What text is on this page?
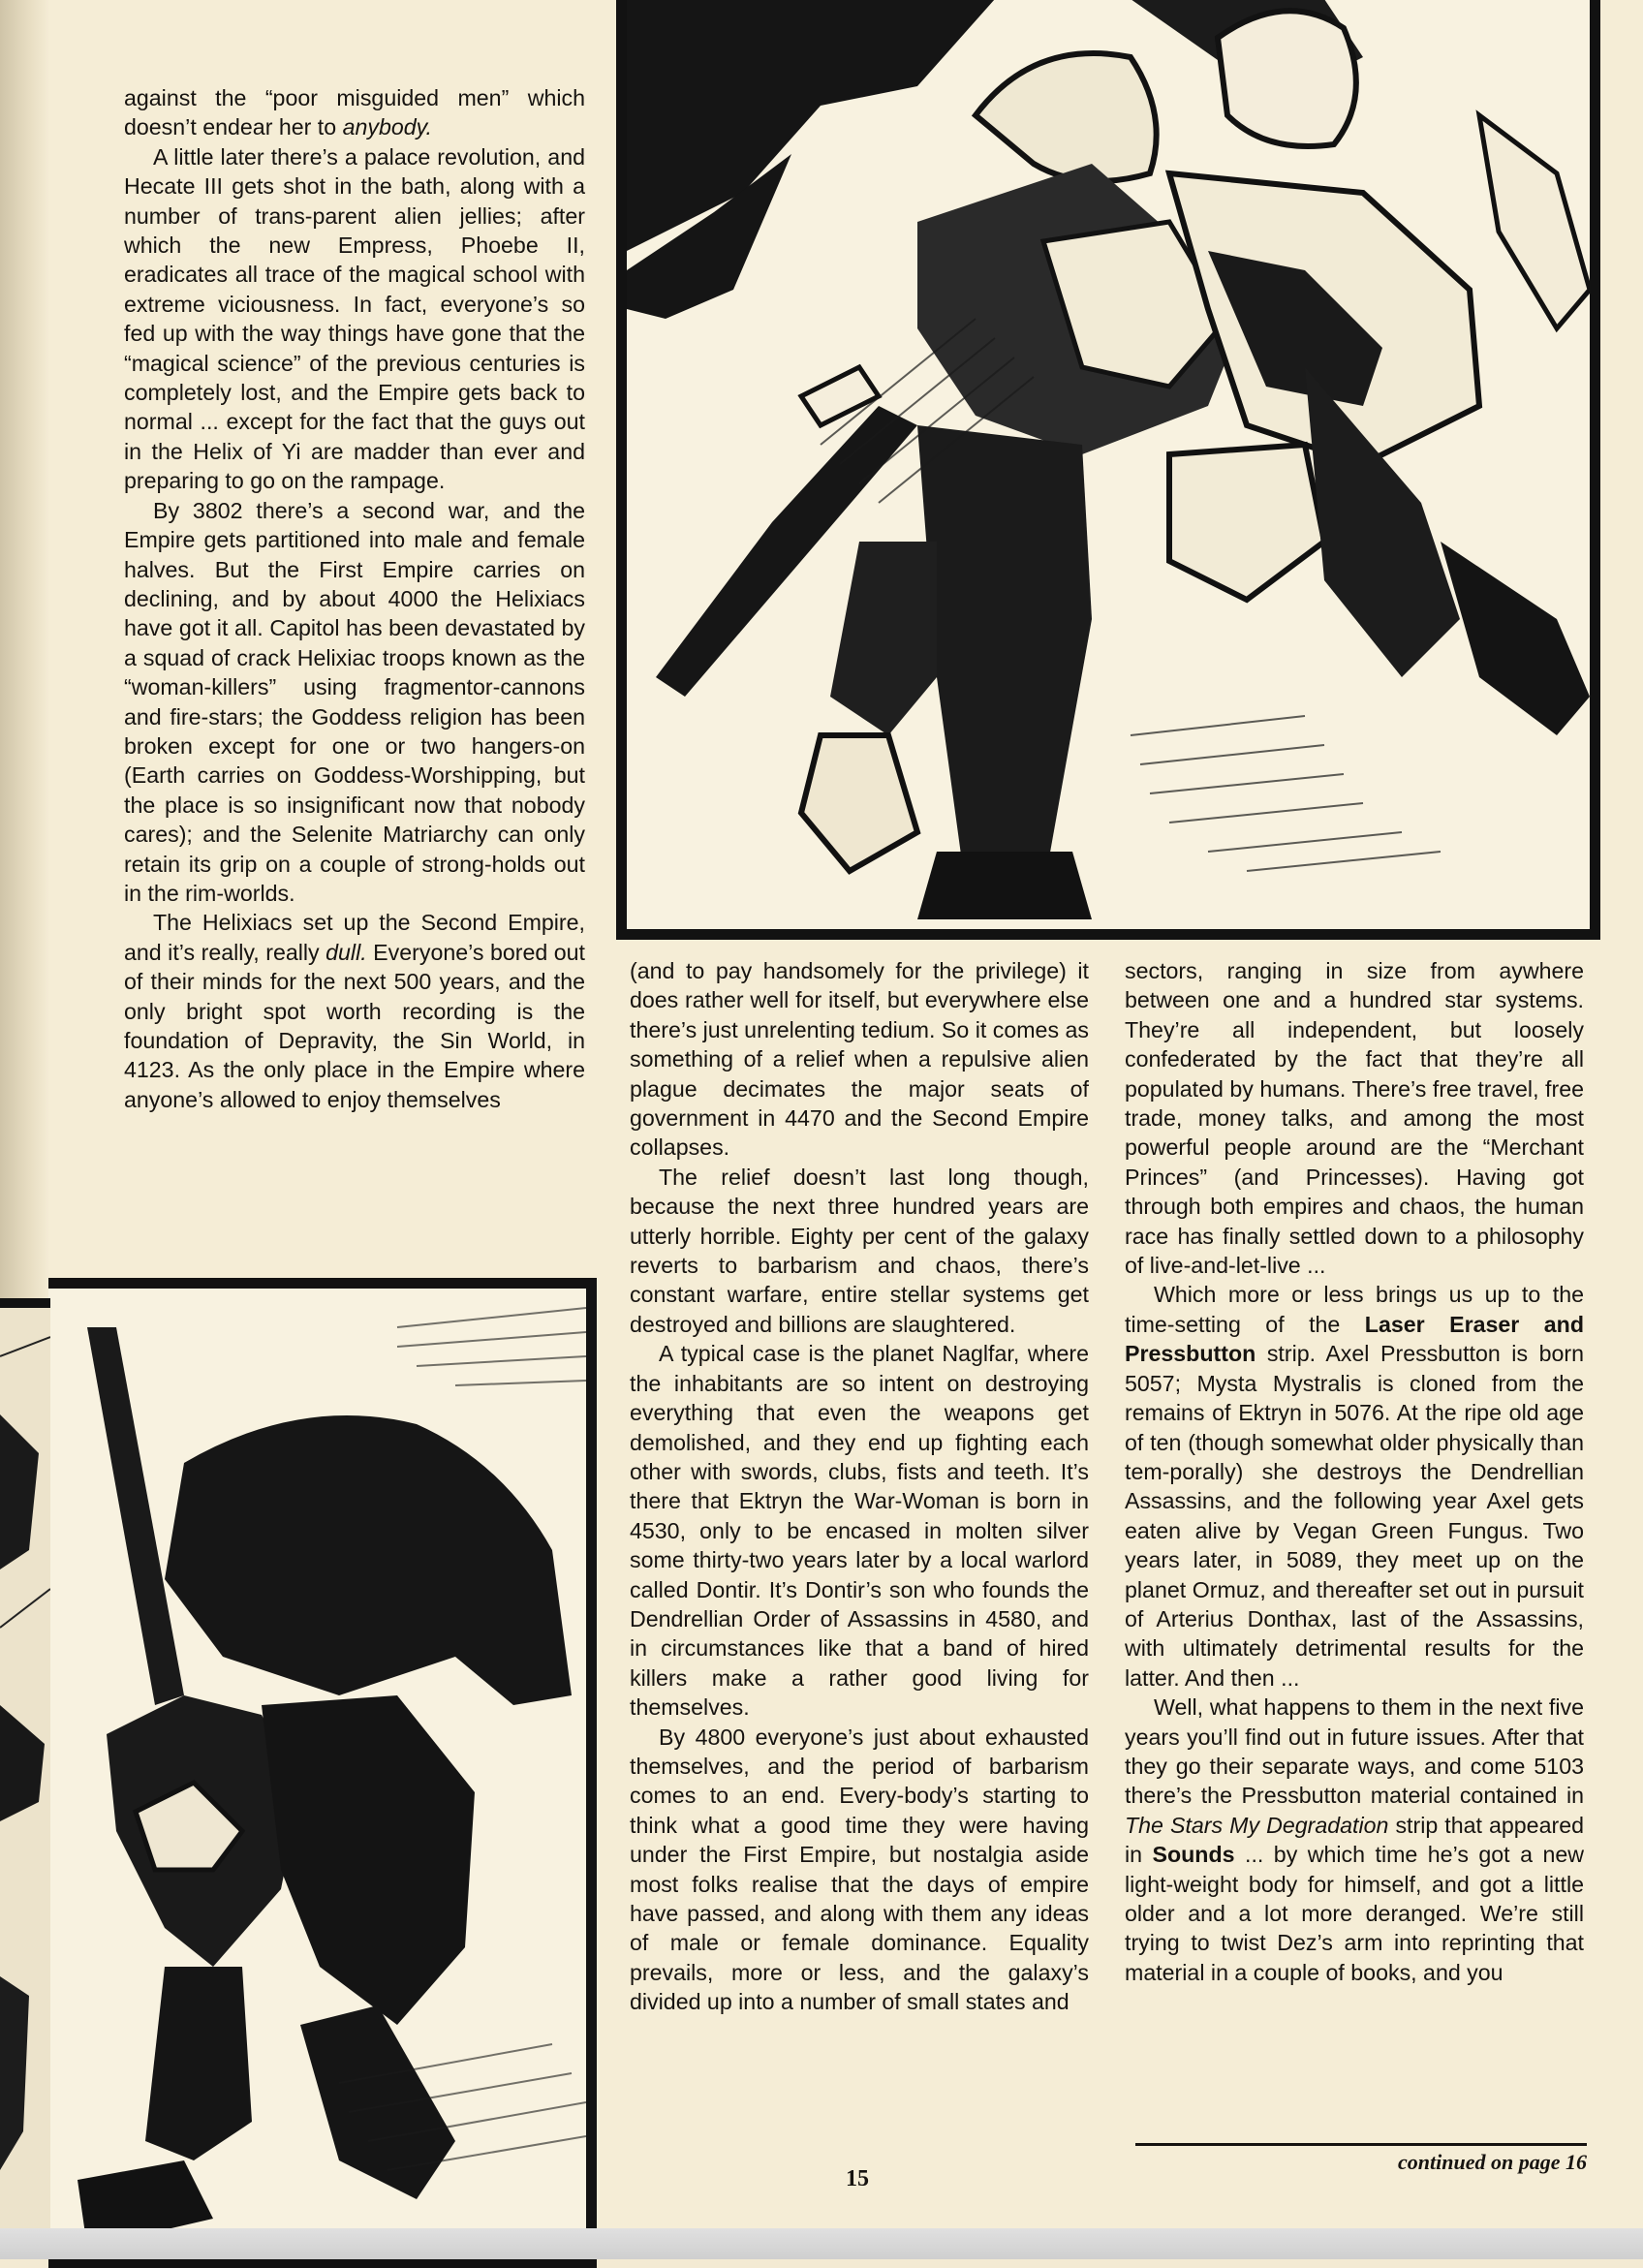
against the “poor misguided men” which doesn’t endear her to anybody.

A little later there’s a palace revolution, and Hecate III gets shot in the bath, along with a number of trans-parent alien jellies; after which the new Empress, Phoebe II, eradicates all trace of the magical school with extreme viciousness. In fact, everyone’s so fed up with the way things have gone that the “magical science” of the previous centuries is completely lost, and the Empire gets back to normal ... except for the fact that the guys out in the Helix of Yi are madder than ever and preparing to go on the rampage.

By 3802 there’s a second war, and the Empire gets partitioned into male and female halves. But the First Empire carries on declining, and by about 4000 the Helixiacs have got it all. Capitol has been devastated by a squad of crack Helixiac troops known as the “woman-killers” using fragmentor-cannons and fire-stars; the Goddess religion has been broken except for one or two hangers-on (Earth carries on Goddess-Worshipping, but the place is so insignificant now that nobody cares); and the Selenite Matriarchy can only retain its grip on a couple of strong-holds out in the rim-worlds.

The Helixiacs set up the Second Empire, and it’s really, really dull. Everyone’s bored out of their minds for the next 500 years, and the only bright spot worth recording is the foundation of Depravity, the Sin World, in 4123. As the only place in the Empire where anyone’s allowed to enjoy themselves

(and to pay handsomely for the privilege) it does rather well for itself, but everywhere else there’s just unrelenting tedium. So it comes as something of a relief when a repulsive alien plague decimates the major seats of government in 4470 and the Second Empire collapses.

The relief doesn’t last long though, because the next three hundred years are utterly horrible. Eighty per cent of the galaxy reverts to barbarism and chaos, there’s constant warfare, entire stellar systems get destroyed and billions are slaughtered.

A typical case is the planet Naglfar, where the inhabitants are so intent on destroying everything that even the weapons get demolished, and they end up fighting each other with swords, clubs, fists and teeth. It’s there that Ektryn the War-Woman is born in 4530, only to be encased in molten silver some thirty-two years later by a local warlord called Dontir. It’s Dontir’s son who founds the Dendrellian Order of Assassins in 4580, and in circumstances like that a band of hired killers make a rather good living for themselves.

By 4800 everyone’s just about exhausted themselves, and the period of barbarism comes to an end. Every-body’s starting to think what a good time they were having under the First Empire, but nostalgia aside most folks realise that the days of empire have passed, and along with them any ideas of male or female dominance. Equality prevails, more or less, and the galaxy’s divided up into a number of small states and

sectors, ranging in size from aywhere between one and a hundred star systems. They’re all independent, but loosely confederated by the fact that they’re all populated by humans. There’s free travel, free trade, money talks, and among the most powerful people around are the “Merchant Princes” (and Princesses). Having got through both empires and chaos, the human race has finally settled down to a philosophy of live-and-let-live ...

Which more or less brings us up to the time-setting of the Laser Eraser and Pressbutton strip. Axel Pressbutton is born 5057; Mysta Mystralis is cloned from the remains of Ektryn in 5076. At the ripe old age of ten (though somewhat older physically than tem-porally) she destroys the Dendrellian Assassins, and the following year Axel gets eaten alive by Vegan Green Fungus. Two years later, in 5089, they meet up on the planet Ormuz, and thereafter set out in pursuit of Arterius Donthax, last of the Assassins, with ultimately detrimental results for the latter. And then ...

Well, what happens to them in the next five years you’ll find out in future issues. After that they go their separate ways, and come 5103 there’s the Pressbutton material contained in The Stars My Degradation strip that appeared in Sounds ... by which time he’s got a new light-weight body for himself, and got a little older and a lot more deranged. We’re still trying to twist Dez’s arm into reprinting that material in a couple of books, and you

continued on page 16
15
